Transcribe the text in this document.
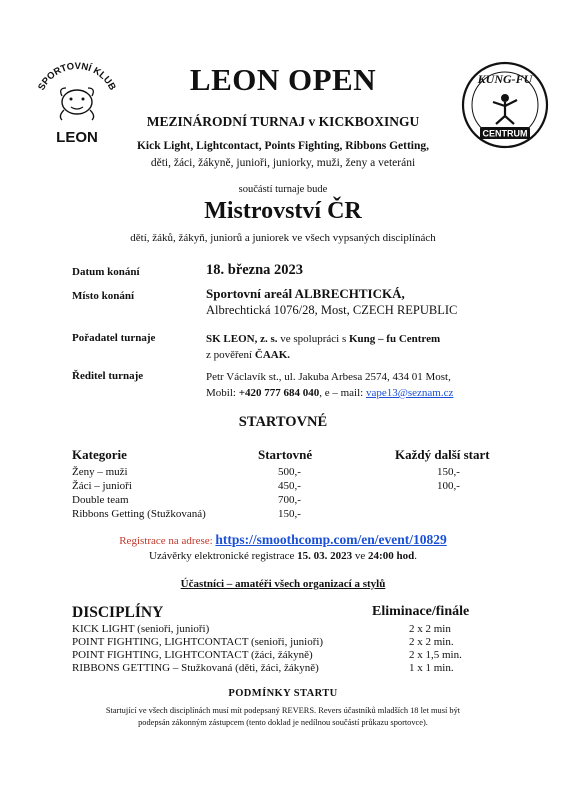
SPORTOVNÍ KLUB
LEON
KUNG-FU
CENTRUM
LEON OPEN
MEZINÁRODNÍ TURNAJ v KICKBOXINGU
Kick Light, Lightcontact, Points Fighting, Ribbons Getting,
děti, žáci, žákyně, junioři, juniorky, muži, ženy a veteráni
součástí turnaje bude
Mistrovství ČR
dětí, žáků, žákyň, juniorů a juniorek ve všech vypsaných disciplínách
Datum konání	18. března 2023
Místo konání	Sportovní areál ALBRECHTICKÁ,
Albrechtická 1076/28, Most, CZECH REPUBLIC
Pořadatel turnaje	SK LEON, z. s. ve spolupráci s Kung – fu Centrem
z pověření ČAAK.
Ředitel turnaje	Petr Václavík st., ul. Jakuba Arbesa 2574, 434 01 Most,
Mobil: +420 777 684 040, e – mail: vape13@seznam.cz
STARTOVNÉ
Kategorie	Startovné	Každý další start
Ženy – muži	500,-	150,-
Žáci – junioři	450,-	100,-
Double team	700,-
Ribbons Getting (Stužkovaná)	150,-
Registrace na adrese: https://smoothcomp.com/en/event/10829
Uzávěrky elektronické registrace 15. 03. 2023 ve 24:00 hod.
Účastníci – amatéři všech organizací a stylů
DISCIPLÍNY	Eliminace/finále
KICK LIGHT (senioři, junioři)	2 x 2 min
POINT FIGHTING, LIGHTCONTACT (senioři, junioři)	2 x 2 min.
POINT FIGHTING, LIGHTCONTACT (žáci, žákyně)	2 x 1,5 min.
RIBBONS GETTING – Stužkovaná (děti, žáci, žákyně)	1 x 1 min.
PODMÍNKY STARTU
Startující ve všech disciplínách musí mít podepsaný REVERS. Revers účastníků mladších 18 let musí být
podepsán zákonným zástupcem (tento doklad je nedílnou součástí průkazu sportovce).
